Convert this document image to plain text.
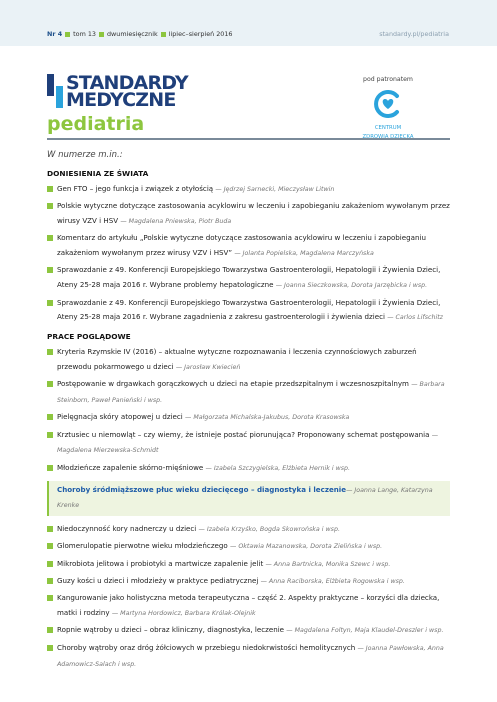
Nr 4 tom 13 dwumiesięcznik lipiec–sierpień 2016	standardy.pl/pediatria
STANDARDY
MEDYCZNE
pediatria
pod patronatem
CENTRUM
ZDROWIA DZIECKA
W numerze m.in.:
DONIESIENIA ZE ŚWIATA
Gen FTO – jego funkcja i związek z otyłością — Jędrzej Sarnecki, Mieczysław Litwin
Polskie wytyczne dotyczące zastosowania acyklowiru w leczeniu i zapobieganiu zakażeniom wywołanym przez wirusy VZV i HSV — Magdalena Pniewska, Piotr Buda
Komentarz do artykułu „Polskie wytyczne dotyczące zastosowania acyklowiru w leczeniu i zapobieganiu zakażeniom wywołanym przez wirusy VZV i HSV” — Jolanta Popielska, Magdalena Marczyńska
Sprawozdanie z 49. Konferencji Europejskiego Towarzystwa Gastroenterologii, Hepatologii i Żywienia Dzieci, Ateny 25-28 maja 2016 r. Wybrane problemy hepatologiczne — Joanna Sieczkowska, Dorota Jarzębicka i wsp.
Sprawozdanie z 49. Konferencji Europejskiego Towarzystwa Gastroenterologii, Hepatologii i Żywienia Dzieci, Ateny 25-28 maja 2016 r. Wybrane zagadnienia z zakresu gastroenterologii i żywienia dzieci — Carlos Lifschitz
PRACE POGLĄDOWE
Kryteria Rzymskie IV (2016) – aktualne wytyczne rozpoznawania i leczenia czynnościowych zaburzeń przewodu pokarmowego u dzieci — Jarosław Kwiecień
Postępowanie w drgawkach gorączkowych u dzieci na etapie przedszpitalnym i wczesnoszpitalnym — Barbara Steinborn, Paweł Panieński i wsp.
Pielęgnacja skóry atopowej u dzieci — Małgorzata Michalska-Jakubus, Dorota Krasowska
Krztusiec u niemowląt – czy wiemy, że istnieje postać piorunująca? Proponowany schemat postępowania — Magdalena Mierzewska-Schmidt
Młodzieńcze zapalenie skórno-mięśniowe — Izabela Szczygielska, Elżbieta Hernik i wsp.
Choroby śródmiąższowe płuc wieku dziecięcego – diagnostyka i leczenie— Joanna Lange, Katarzyna Krenke
Niedoczynność kory nadnerczy u dzieci — Izabela Krzyśko, Bogda Skowrońska i wsp.
Glomerulopatie pierwotne wieku młodzieńczego — Oktawia Mazanowska, Dorota Zielińska i wsp.
Mikrobiota jelitowa i probiotyki a martwicze zapalenie jelit — Anna Bartnicka, Monika Szewc i wsp.
Guzy kości u dzieci i młodzieży w praktyce pediatrycznej — Anna Raciborska, Elżbieta Rogowska i wsp.
Kangurowanie jako holistyczna metoda terapeutyczna – część 2. Aspekty praktyczne – korzyści dla dziecka, matki i rodziny — Martyna Hordowicz, Barbara Królak-Olejnik
Ropnie wątroby u dzieci – obraz kliniczny, diagnostyka, leczenie — Magdalena Foltyn, Maja Klaudel-Dreszler i wsp.
Choroby wątroby oraz dróg żółciowych w przebiegu niedokrwistości hemolitycznych — Joanna Pawłowska, Anna Adamowicz-Salach i wsp.
